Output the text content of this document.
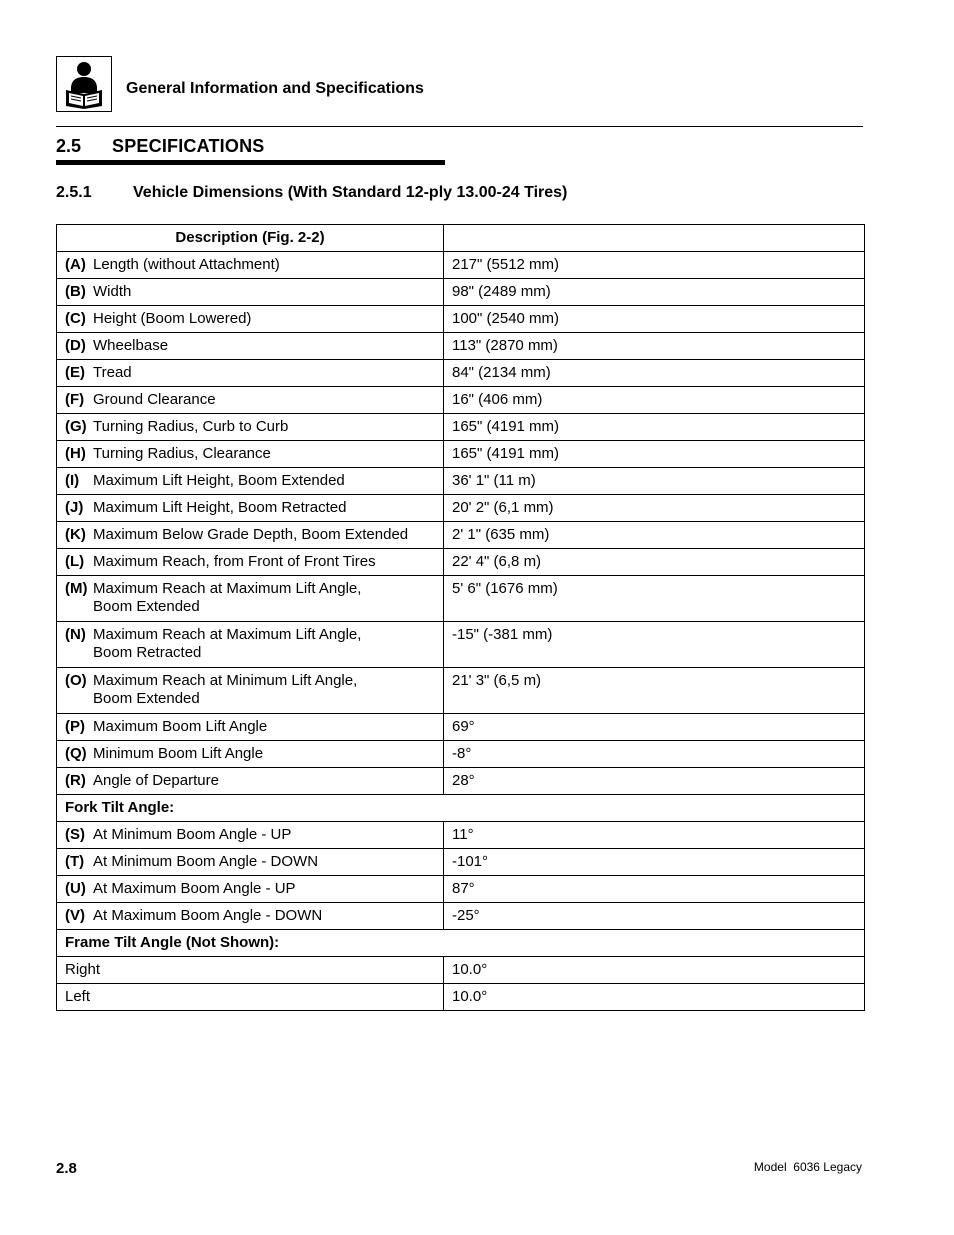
General Information and Specifications
2.5 SPECIFICATIONS
2.5.1	Vehicle Dimensions (With Standard 12-ply 13.00-24 Tires)
Description (Fig. 2-2)	
(A) Length (without Attachment)	217" (5512 mm)
(B) Width	98" (2489 mm)
(C) Height (Boom Lowered)	100" (2540 mm)
(D) Wheelbase	113" (2870 mm)
(E) Tread	84" (2134 mm)
(F) Ground Clearance	16" (406 mm)
(G) Turning Radius, Curb to Curb	165" (4191 mm)
(H) Turning Radius, Clearance	165" (4191 mm)
(I) Maximum Lift Height, Boom Extended	36' 1" (11 m)
(J) Maximum Lift Height, Boom Retracted	20' 2" (6,1 mm)
(K) Maximum Below Grade Depth, Boom Extended	2' 1" (635 mm)
(L) Maximum Reach, from Front of Front Tires	22' 4" (6,8 m)
(M) Maximum Reach at Maximum Lift Angle,
Boom Extended	5' 6" (1676 mm)
(N) Maximum Reach at Maximum Lift Angle,
Boom Retracted	-15" (-381 mm)
(O) Maximum Reach at Minimum Lift Angle,
Boom Extended	21' 3" (6,5 m)
(P) Maximum Boom Lift Angle	69°
(Q) Minimum Boom Lift Angle	-8°
(R) Angle of Departure	28°
Fork Tilt Angle:	
(S) At Minimum Boom Angle - UP	11°
(T) At Minimum Boom Angle - DOWN	-101°
(U) At Maximum Boom Angle - UP	87°
(V) At Maximum Boom Angle - DOWN	-25°
Frame Tilt Angle (Not Shown):	
Right	10.0°
Left	10.0°
2.8	Model  6036 Legacy
